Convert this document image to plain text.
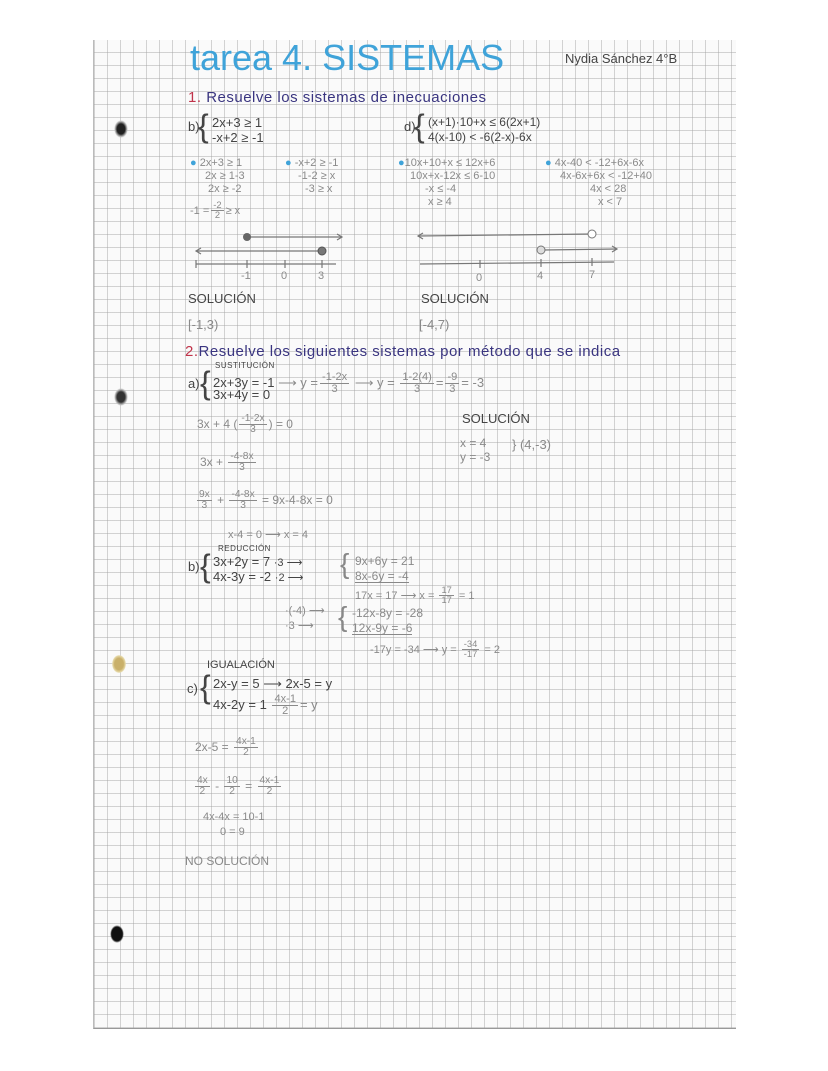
tarea 4. SISTEMAS	Nydia Sánchez 4°B
1. Resuelve los sistemas de inecuaciones
b)
{ 2x+3 ≥ 1
-x+2 ≥ -1
d)
{ (x+1)·10+x ≤ 6(2x+1)
4(x-10) < -6(2-x)-6x
● 2x+3 ≥ 1
2x ≥ 1-3
2x ≥ -2
$-1 = \frac{-2}{2} \ge x$
● -x+2 ≥ -1
-1-2 ≥ x
-3 ≥ x
●10x+10+x ≤ 12x+6
10x+x-12x ≤ 6-10
-x ≤ -4
x ≥ 4
● 4x-40 < -12+6x-6x
4x-6x+6x < -12+40
4x < 28
x < 7
-1	0	3	0	4	7
SOLUCIÓN
[-1,3)
SOLUCIÓN
[-4,7)
2.Resuelve los siguientes sistemas por método que se indica
SUSTITUCIÓN
a) { 2x+3y = -1 ⟶ $y = \frac{-1-2x}{3}$ ⟶ $y = \frac{1-2(4)}{3} = \frac{-9}{3} = -3$
3x+4y = 0
3x + 4 ( $\frac{-1-2x}{3}$ ) = 0
$3x + \frac{-4-8x}{3}$
$\frac{9x}{3} + \frac{-4-8x}{3} = 9x-4-8x = 0$
x-4 = 0 ⟶ x = 4
SOLUCIÓN
x = 4
y = -3
} (4,-3)
REDUCCIÓN
b) { 3x+2y = 7 ·3 ⟶
4x-3y = -2 ·2 ⟶ { 9x+6y = 21
8x-6y = -4
17x = 17 ⟶ $x = \frac{17}{17} = 1$
·(-4) ⟶
·3 ⟶ { -12x-8y = -28
12x-9y = -6
-17y = -34 ⟶ $y = \frac{-34}{-17} = 2$
IGUALACIÓN
c) { 2x-y = 5 ⟶ 2x-5 = y
$4x-2y = 1 \frac{4x-1}{2} = y$
$2x-5 = \frac{4x-1}{2}$
$\frac{4x}{2} - \frac{10}{2} = \frac{4x-1}{2}$
4x-4x = 10-1
0 = 9
NO SOLUCIÓN
